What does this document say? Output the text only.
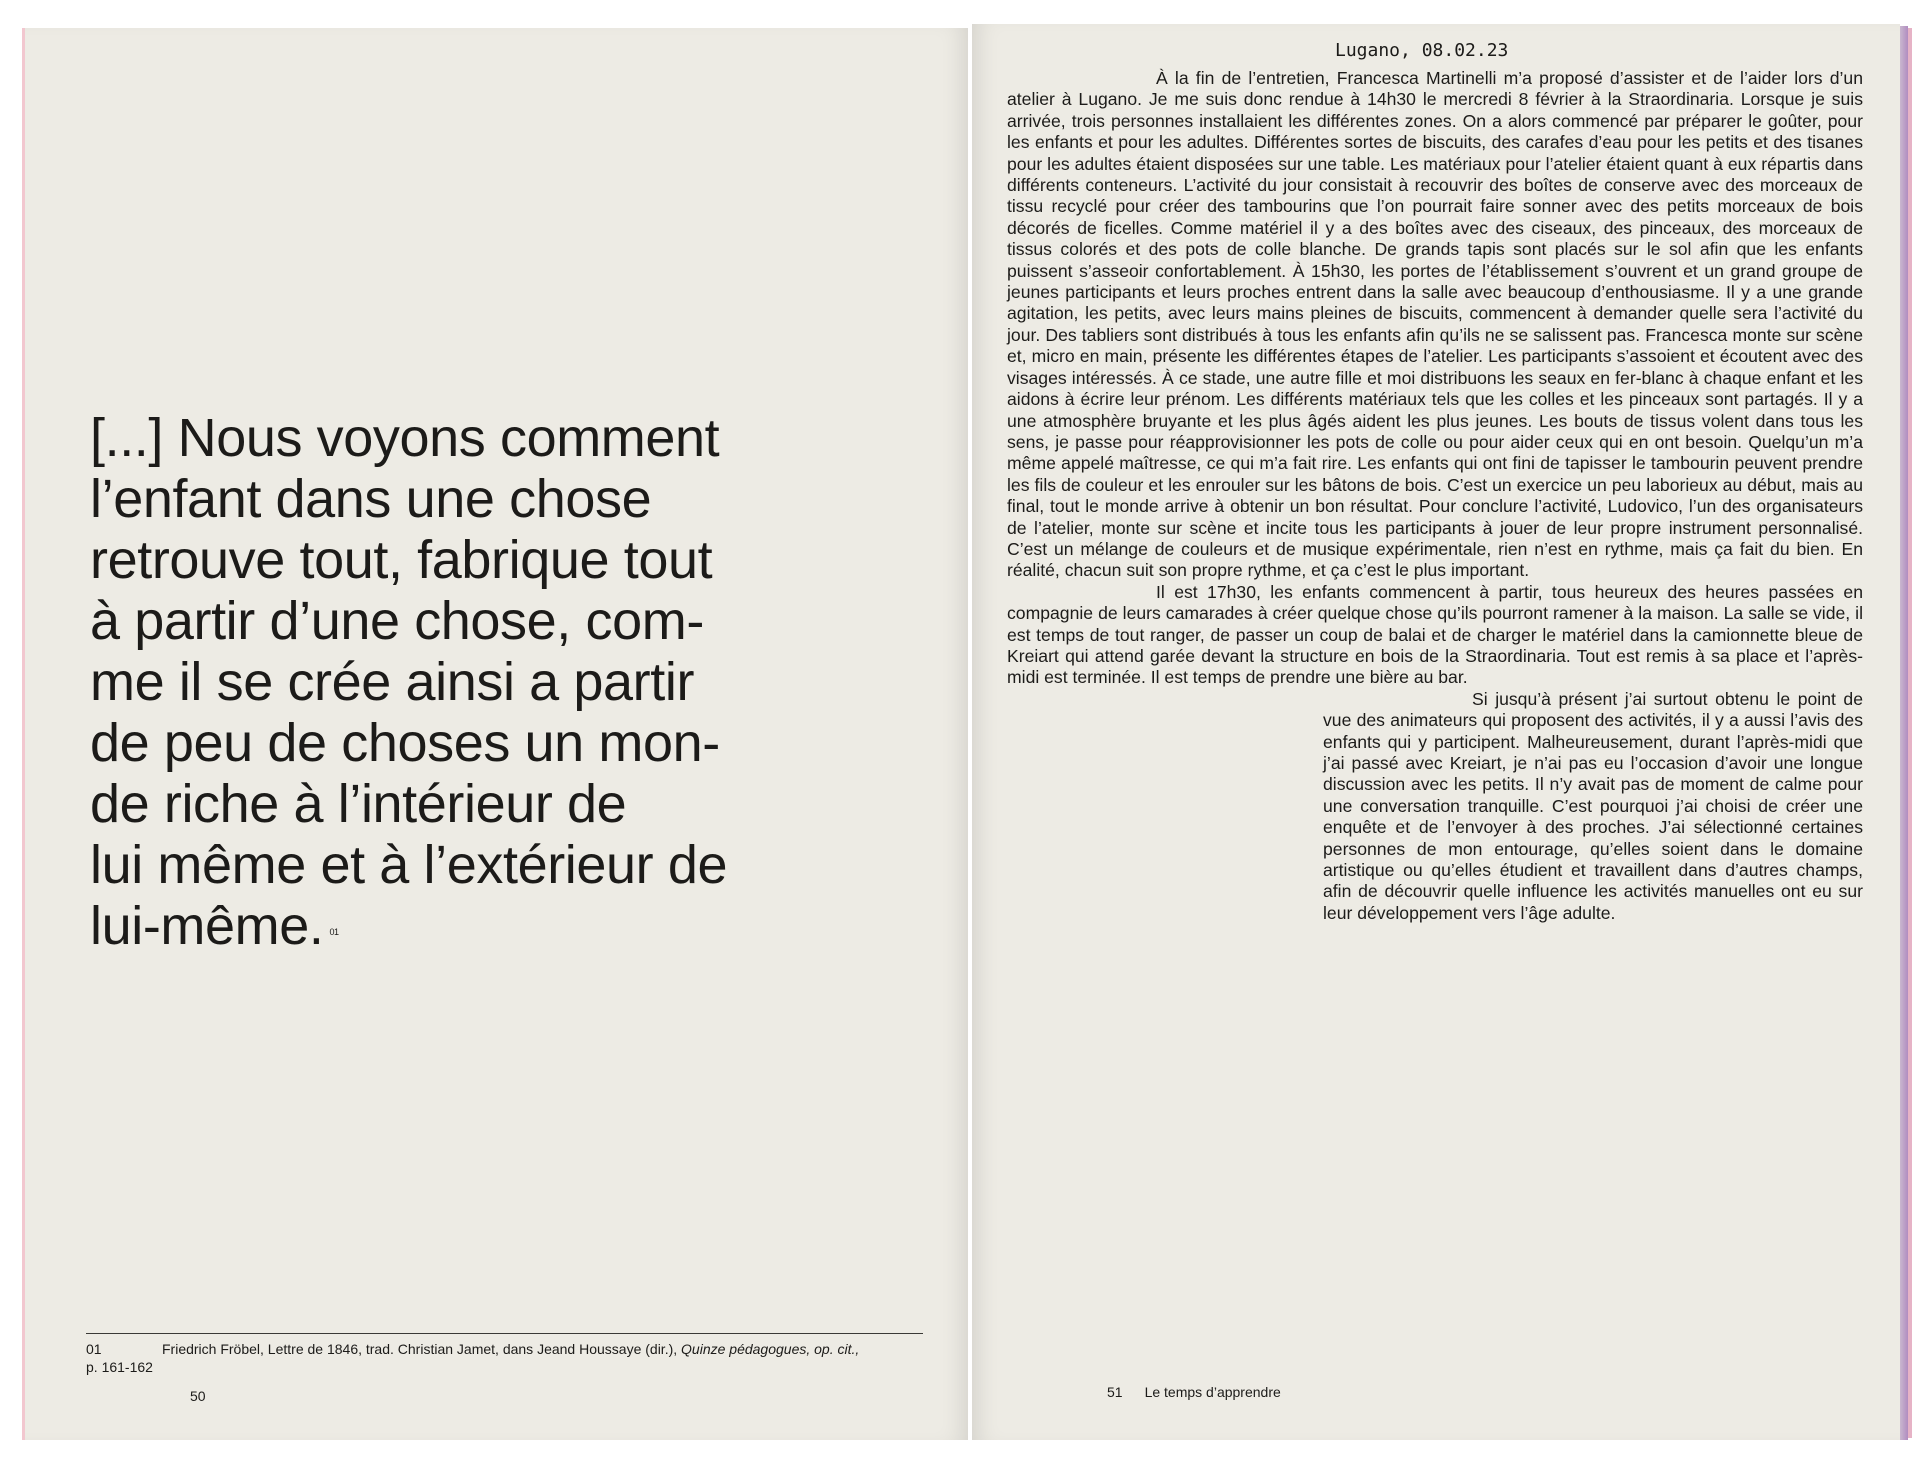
[...] Nous voyons comment

l’enfant dans une chose

retrouve tout, fabrique tout

à partir d’une chose, com-

me il se crée ainsi a partir

de peu de choses un mon-

de riche à l’intérieur de

lui même et à l’extérieur de

lui-même. $^{01}$

01	Friedrich Fröbel, Lettre de 1846, trad. Christian Jamet, dans Jeand Houssaye (dir.), Quinze pédagogues, op. cit.,
p. 161-162
50
Lugano, 08.02.23

À la fin de l’entretien, Francesca Martinelli m’a proposé d’assister et de l’aider lors d’un atelier à Lugano. Je me suis donc rendue à 14h30 le mercredi 8 février à la Straordinaria. Lorsque je suis arrivée, trois personnes installaient les différentes zones. On a alors commencé par préparer le goûter, pour les enfants et pour les adultes. Différentes sortes de biscuits, des carafes d’eau pour les petits et des tisanes pour les adultes étaient disposées sur une table. Les matériaux pour l’atelier étaient quant à eux répartis dans différents conteneurs. L’activité du jour consistait à recouvrir des boîtes de conserve avec des morceaux de tissu recyclé pour créer des tambourins que l’on pourrait faire sonner avec des petits morceaux de bois décorés de ficelles. Comme matériel il y a des boîtes avec des ciseaux, des pinceaux, des morceaux de tissus colorés et des pots de colle blanche. De grands tapis sont placés sur le sol afin que les enfants puissent s’asseoir confortablement. À 15h30, les portes de l’établissement s’ouvrent et un grand groupe de jeunes participants et leurs proches entrent dans la salle avec beaucoup d’enthousiasme. Il y a une grande agitation, les petits, avec leurs mains pleines de biscuits, commencent à demander quelle sera l’activité du jour. Des tabliers sont distribués à tous les enfants afin qu’ils ne se salissent pas. Francesca monte sur scène et, micro en main, présente les différentes étapes de l’atelier. Les participants s’assoient et écoutent avec des visages intéressés. À ce stade, une autre fille et moi distribuons les seaux en fer-blanc à chaque enfant et les aidons à écrire leur prénom. Les différents matériaux tels que les colles et les pinceaux sont partagés. Il y a une atmosphère bruyante et les plus âgés aident les plus jeunes. Les bouts de tissus volent dans tous les sens, je passe pour réapprovisionner les pots de colle ou pour aider ceux qui en ont besoin. Quelqu’un m’a même appelé maîtresse, ce qui m’a fait rire. Les enfants qui ont fini de tapisser le tambourin peuvent prendre les fils de couleur et les enrouler sur les bâtons de bois. C’est un exercice un peu laborieux au début, mais au final, tout le monde arrive à obtenir un bon résultat. Pour conclure l’activité, Ludovico, l’un des organisateurs de l’atelier, monte sur scène et incite tous les participants à jouer de leur propre instrument personnalisé. C’est un mélange de couleurs et de musique expérimentale, rien n’est en rythme, mais ça fait du bien. En réalité, chacun suit son propre rythme, et ça c’est le plus important.

Il est 17h30, les enfants commencent à partir, tous heureux des heures passées en compagnie de leurs camarades à créer quelque chose qu’ils pourront ramener à la maison. La salle se vide, il est temps de tout ranger, de passer un coup de balai et de charger le matériel dans la camionnette bleue de Kreiart qui attend garée devant la structure en bois de la Straordinaria. Tout est remis à sa place et l’après-midi est terminée. Il est temps de prendre une bière au bar.

Si jusqu’à présent j’ai surtout obtenu le point de vue des animateurs qui proposent des activités, il y a aussi l’avis des enfants qui y participent. Malheureusement, durant l’après-midi que j’ai passé avec Kreiart, je n’ai pas eu l’occasion d’avoir une longue discussion avec les petits. Il n’y avait pas de moment de calme pour une conversation tranquille. C’est pourquoi j’ai choisi de créer une enquête et de l’envoyer à des proches. J’ai sélectionné certaines personnes de mon entourage, qu’elles soient dans le domaine artistique ou qu’elles étudient et travaillent dans d’autres champs, afin de découvrir quelle influence les activités manuelles ont eu sur leur développement vers l’âge adulte.

51 Le temps d’apprendre
